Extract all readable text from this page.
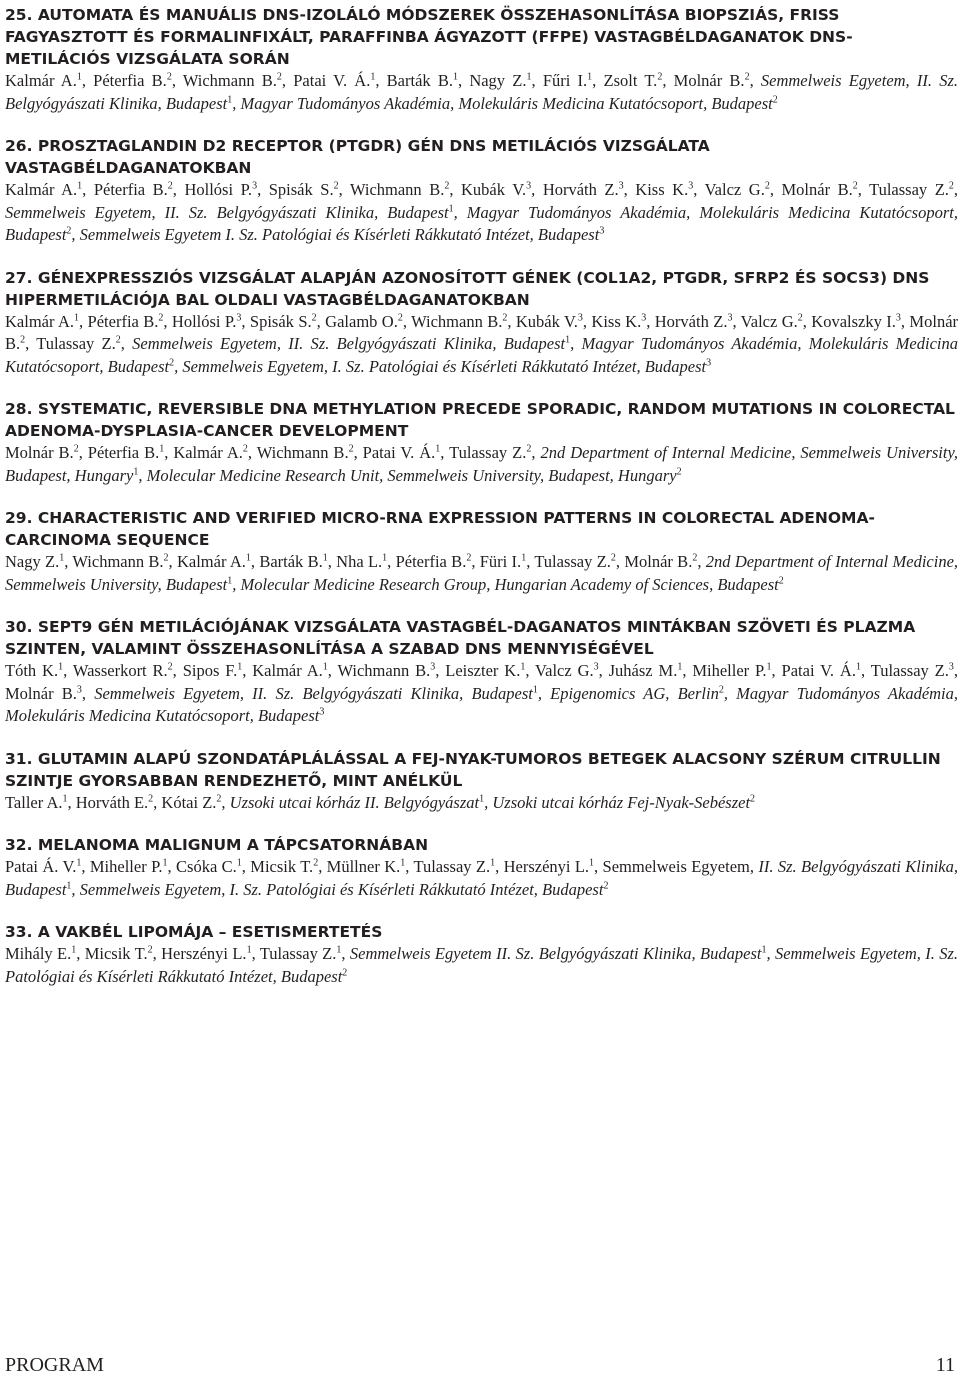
25. AUTOMATA ÉS MANUÁLIS DNS-IZOLÁLÓ MÓDSZEREK ÖSSZEHASONLÍTÁSA BIOPSZIÁS, FRISS FAGYASZTOTT ÉS FORMALINFIXÁLT, PARAFFINBA ÁGYAZOTT (FFPE) VASTAGBÉLDAGANATOK DNS-METILÁCIÓS VIZSGÁLATA SORÁN
Kalmár A.$^1$, Péterfia B.$^2$, Wichmann B.$^2$, Patai V. Á.$^1$, Barták B.$^1$, Nagy Z.$^1$, Fűri I.$^1$, Zsolt T.$^2$, Molnár B.$^2$, Semmelweis Egyetem, II. Sz. Belgyógyászati Klinika, Budapest$^1$, Magyar Tudományos Akadémia, Molekuláris Medicina Kutatócsoport, Budapest$^2$
26. PROSZTAGLANDIN D2 RECEPTOR (PTGDR) GÉN DNS METILÁCIÓS VIZSGÁLATA VASTAGBÉLDAGANATOKBAN
Kalmár A.$^1$, Péterfia B.$^2$, Hollósi P.$^3$, Spisák S.$^2$, Wichmann B.$^2$, Kubák V.$^3$, Horváth Z.$^3$, Kiss K.$^3$, Valcz G.$^2$, Molnár B.$^2$, Tulassay Z.$^2$, Semmelweis Egyetem, II. Sz. Belgyógyászati Klinika, Budapest$^1$, Magyar Tudományos Akadémia, Molekuláris Medicina Kutatócsoport, Budapest$^2$, Semmelweis Egyetem I. Sz. Patológiai és Kísérleti Rákkutató Intézet, Budapest$^3$
27. GÉNEXPRESSZIÓS VIZSGÁLAT ALAPJÁN AZONOSÍTOTT GÉNEK (COL1A2, PTGDR, SFRP2 ÉS SOCS3) DNS HIPERMETILÁCIÓJA BAL OLDALI VASTAGBÉLDAGANATOKBAN
Kalmár A.$^1$, Péterfia B.$^2$, Hollósi P.$^3$, Spisák S.$^2$, Galamb O.$^2$, Wichmann B.$^2$, Kubák V.$^3$, Kiss K.$^3$, Horváth Z.$^3$, Valcz G.$^2$, Kovalszky I.$^3$, Molnár B.$^2$, Tulassay Z.$^2$, Semmelweis Egyetem, II. Sz. Belgyógyászati Klinika, Budapest$^1$, Magyar Tudományos Akadémia, Molekuláris Medicina Kutatócsoport, Budapest$^2$, Semmelweis Egyetem, I. Sz. Patológiai és Kísérleti Rákkutató Intézet, Budapest$^3$
28. SYSTEMATIC, REVERSIBLE DNA METHYLATION PRECEDE SPORADIC, RANDOM MUTATIONS IN COLORECTAL ADENOMA-DYSPLASIA-CANCER DEVELOPMENT
Molnár B.$^2$, Péterfia B.$^1$, Kalmár A.$^2$, Wichmann B.$^2$, Patai V. Á.$^1$, Tulassay Z.$^2$, 2nd Department of Internal Medicine, Semmelweis University, Budapest, Hungary$^1$, Molecular Medicine Research Unit, Semmelweis University, Budapest, Hungary$^2$
29. CHARACTERISTIC AND VERIFIED MICRO-RNA EXPRESSION PATTERNS IN COLORECTAL ADENOMA-CARCINOMA SEQUENCE
Nagy Z.$^1$, Wichmann B.$^2$, Kalmár A.$^1$, Barták B.$^1$, Nha L.$^1$, Péterfia B.$^2$, Füri I.$^1$, Tulassay Z.$^2$, Molnár B.$^2$, 2nd Department of Internal Medicine, Semmelweis University, Budapest$^1$, Molecular Medicine Research Group, Hungarian Academy of Sciences, Budapest$^2$
30. SEPT9 GÉN METILÁCIÓJÁNAK VIZSGÁLATA VASTAGBÉL-DAGANATOS MINTÁKBAN SZÖVETI ÉS PLAZMA SZINTEN, VALAMINT ÖSSZEHASONLÍTÁSA A SZABAD DNS MENNYISÉGÉVEL
Tóth K.$^1$, Wasserkort R.$^2$, Sipos F.$^1$, Kalmár A.$^1$, Wichmann B.$^3$, Leiszter K.$^1$, Valcz G.$^3$, Juhász M.$^1$, Miheller P.$^1$, Patai V. Á.$^1$, Tulassay Z.$^3$, Molnár B.$^3$, Semmelweis Egyetem, II. Sz. Belgyógyászati Klinika, Budapest$^1$, Epigenomics AG, Berlin$^2$, Magyar Tudományos Akadémia, Molekuláris Medicina Kutatócsoport, Budapest$^3$
31. GLUTAMIN ALAPÚ SZONDATÁPLÁLÁSSAL A FEJ-NYAK-TUMOROS BETEGEK ALACSONY SZÉRUM CITRULLIN SZINTJE GYORSABBAN RENDEZHETŐ, MINT ANÉLKÜL
Taller A.$^1$, Horváth E.$^2$, Kótai Z.$^2$, Uzsoki utcai kórház II. Belgyógyászat$^1$, Uzsoki utcai kórház Fej-Nyak-Sebészet$^2$
32. MELANOMA MALIGNUM A TÁPCSATORNÁBAN
Patai Á. V.$^1$, Miheller P.$^1$, Csóka C.$^1$, Micsik T.$^2$, Müllner K.$^1$, Tulassay Z.$^1$, Herszényi L.$^1$, Semmelweis Egyetem, II. Sz. Belgyógyászati Klinika, Budapest$^1$, Semmelweis Egyetem, I. Sz. Patológiai és Kísérleti Rákkutató Intézet, Budapest$^2$
33. A VAKBÉL LIPOMÁJA – ESETISMERTETÉS
Mihály E.$^1$, Micsik T.$^2$, Herszényi L.$^1$, Tulassay Z.$^1$, Semmelweis Egyetem II. Sz. Belgyógyászati Klinika, Budapest$^1$, Semmelweis Egyetem, I. Sz. Patológiai és Kísérleti Rákkutató Intézet, Budapest$^2$
PROGRAM	11
